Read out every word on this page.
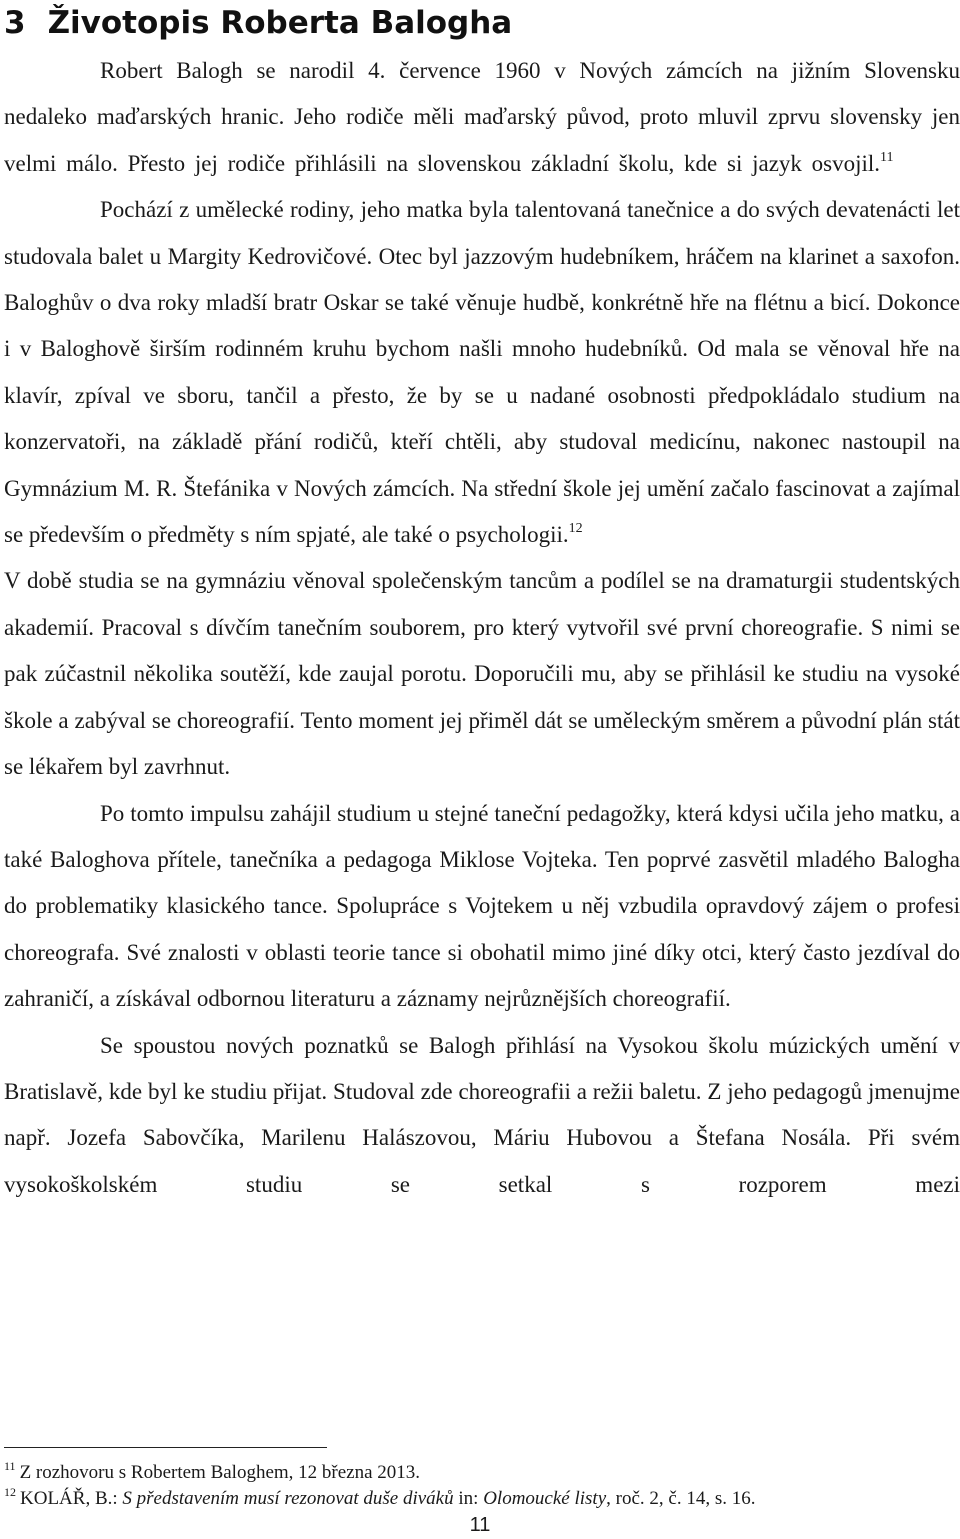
3 Životopis Roberta Balogha

Robert Balogh se narodil 4. července 1960 v Nových zámcích na jižním Slovensku nedaleko maďarských hranic. Jeho rodiče měli maďarský původ, proto mluvil zprvu slovensky jen velmi málo. Přesto jej rodiče přihlásili na slovenskou základní školu, kde si jazyk osvojil.$^{11}$

Pochází z umělecké rodiny, jeho matka byla talentovaná tanečnice a do svých devatenácti let studovala balet u Margity Kedrovičové. Otec byl jazzovým hudebníkem, hráčem na klarinet a saxofon. Baloghův o dva roky mladší bratr Oskar se také věnuje hudbě, konkrétně hře na flétnu a bicí. Dokonce i v Baloghově širším rodinném kruhu bychom našli mnoho hudebníků. Od mala se věnoval hře na klavír, zpíval ve sboru, tančil a přesto, že by se u nadané osobnosti předpokládalo studium na konzervatoři, na základě přání rodičů, kteří chtěli, aby studoval medicínu, nakonec nastoupil na Gymnázium M. R. Štefánika v Nových zámcích. Na střední škole jej umění začalo fascinovat a zajímal se především o předměty s ním spjaté, ale také o psychologii.$^{12}$

V době studia se na gymnáziu věnoval společenským tancům a podílel se na dramaturgii studentských akademií. Pracoval s dívčím tanečním souborem, pro který vytvořil své první choreografie. S nimi se pak zúčastnil několika soutěží, kde zaujal porotu. Doporučili mu, aby se přihlásil ke studiu na vysoké škole a zabýval se choreografií. Tento moment jej přiměl dát se uměleckým směrem a původní plán stát se lékařem byl zavrhnut.

Po tomto impulsu zahájil studium u stejné taneční pedagožky, která kdysi učila jeho matku, a také Baloghova přítele, tanečníka a pedagoga Miklose Vojteka. Ten poprvé zasvětil mladého Balogha do problematiky klasického tance. Spolupráce s Vojtekem u něj vzbudila opravdový zájem o profesi choreografa. Své znalosti v oblasti teorie tance si obohatil mimo jiné díky otci, který často jezdíval do zahraničí, a získával odbornou literaturu a záznamy nejrůznějších choreografií.

Se spoustou nových poznatků se Balogh přihlásí na Vysokou školu múzických umění v Bratislavě, kde byl ke studiu přijat. Studoval zde choreografii a režii baletu. Z jeho pedagogů jmenujme např. Jozefa Sabovčíka, Marilenu Halászovou, Máriu Hubovou a Štefana Nosála. Při svém vysokoškolském studiu se setkal s rozporem mezi

$^{11}$ Z rozhovoru s Robertem Baloghem, 12 března 2013.

$^{12}$ KOLÁŘ, B.: S představením musí rezonovat duše diváků in: Olomoucké listy, roč. 2, č. 14, s. 16.

11
